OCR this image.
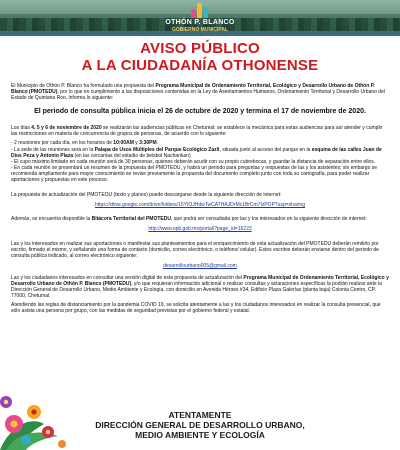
OTHÓN P. BLANCO
GOBIERNO MUNICIPAL
AVISO PÚBLICO
A LA CIUDADANÍA OTHONENSE

El Municipio de Othón P. Blanco ha formulado una propuesta del Programa Municipal de Ordenamiento Territorial, Ecológico y Desarrollo Urbano de Othón P. Blanco (PMOTEDU), por lo que en cumplimiento a las disposiciones contenidas en la Ley de Asentamientos Humanos, Ordenamiento Territorial y Desarrollo Urbano del Estado de Quintana Roo, informa lo siguiente:

El periodo de consulta pública inicia el 26 de octubre de 2020 y termina el 17 de noviembre de 2020.

Los días 4, 5 y 6 de noviembre de 2020 se realizarán las audiencias públicas en Chetumal; se establece la mecánica para estas audiencias para así atender y cumplir las restricciones en materia de concurrencia de grupos de personas, de acuerdo con lo siguiente:

- 2 reuniones por cada día, en los horarios de 10:00AM y 3:30PM.

- La sede de las reuniones será en la Palapa de Usos Múltiples del Parque Ecológico Zazil, situada junto al acceso del parque en la esquina de las calles Juan de Dios Peza y Antonio Plaza (en las cercanías del estadio de beisbol Nachankan)

- El cupo máximo limitado en cada reunión será de 30 personas, quienes deberán acudir con su propio cubrebocas, y guardar la distancia de separación entre ellos.

- En cada reunión se presentará un resumen de la propuesta del PMOTEDU, y habrá un periodo para preguntas y respuestas de las y los asistentes; sin embargo se recomienda ampliamente para mayor conocimiento se revise previamente la propuesta del documento completo junto con toda su cartografía, para poder realizar aportaciones y propuestas en este proceso.

La propuesta de actualización del PMOTEOU (texto y planos) puede descargarse desde la siguiente dirección de internet:

https://drive.google.com/drive/folders/15YIOJHdwTwCATHAJDrMc1BrCm7IzPOP?usp=sharing

Además, se encuentra disponible la Bitácora Territorial del PMOTEDU, que podrá ser consultada por las y los interesados en la siguiente dirección de internet:

http://www.opb.gob.mx/portal/?page_id=16223

Las y los interesados en realizar sus aportaciones o manifestar sus planteamientos para el enriquecimiento de esta actualización del PMOTEDU deberán remitirlo por escrito, firmado el mismo, y señalando una forma de contacto (domicilio, correo electrónico, o teléfono/ celular). Estos escritos deberán enviarse dentro del periodo de consulta pública indicado, al correo electrónico siguiente:

desarrollourbano005@gmail.com

Las y los ciudadanos interesados en consultar una versión digital de esta propuesta de actualización del Programa Municipal de Ordenamiento Territorial, Ecológico y Desarrollo Urbano de Othón P. Blanco (PMOTEDU), y/o que requieran información adicional o realizar consultas y aclaraciones específicas la podrán realizar ante la Dirección General de Desarrollo Urbano, Medio Ambiente y Ecología, con domicilio en Avenida Héroes #34, Edificio Plaza Galerías (planta baja) Colonia Centro, CP. 77000, Chetumal.

Atendiendo las reglas de distanciamiento por la pandemia COVID 19, se solicita atentamente a las y los ciudadanos interesados en realizar la consulta presencial, que sólo asista una persona por grupo, con las medidas de seguridad previstas por el gobierno federal y estatal.

ATENTAMENTE
DIRECCIÓN GENERAL DE DESARROLLO URBANO,
MEDIO AMBIENTE Y ECOLOGÍA
